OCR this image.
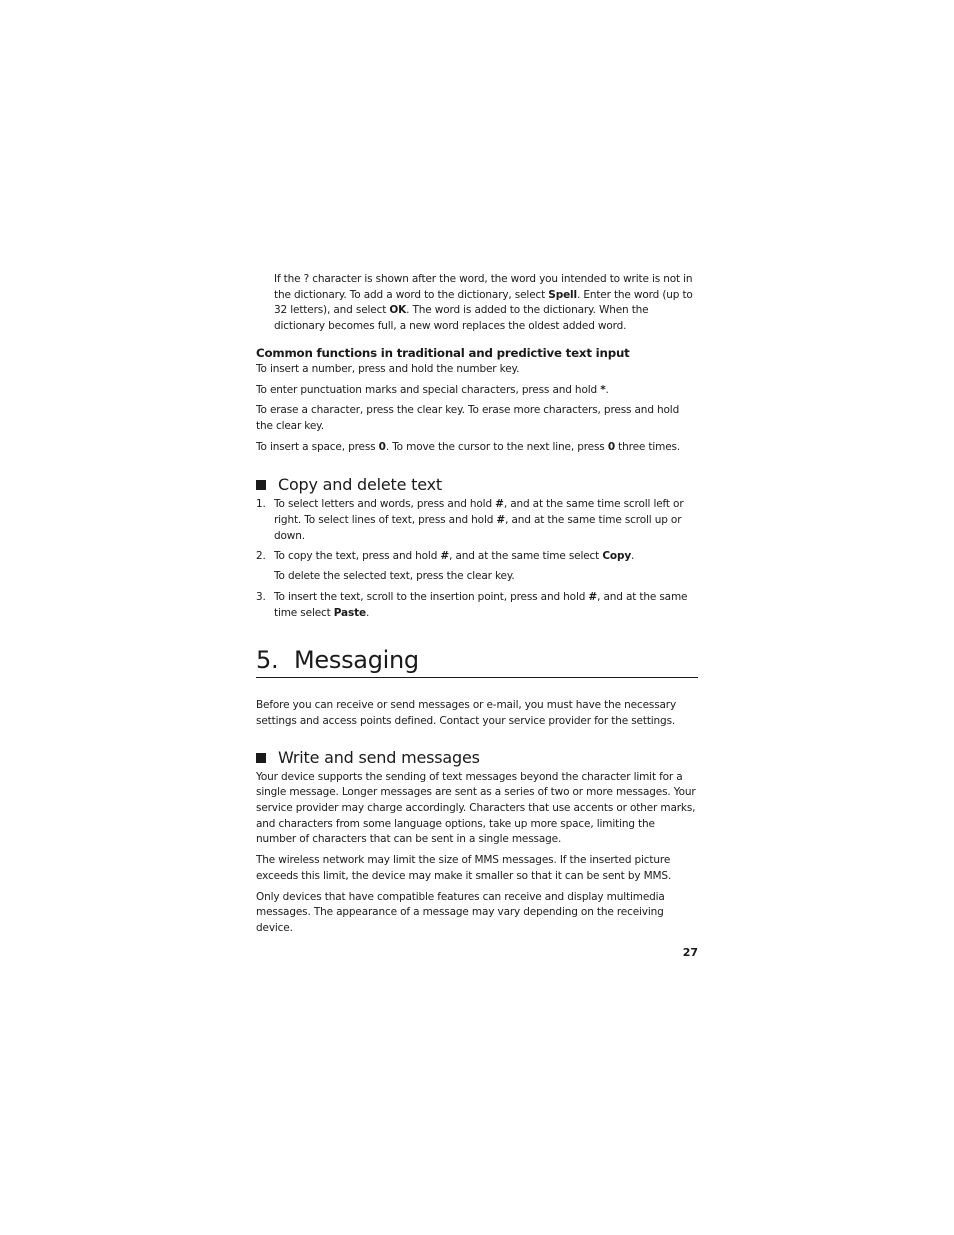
If the ? character is shown after the word, the word you intended to write is not in the dictionary. To add a word to the dictionary, select Spell. Enter the word (up to 32 letters), and select OK. The word is added to the dictionary. When the dictionary becomes full, a new word replaces the oldest added word.

Common functions in traditional and predictive text input

To insert a number, press and hold the number key.

To enter punctuation marks and special characters, press and hold *.

To erase a character, press the clear key. To erase more characters, press and hold the clear key.

To insert a space, press 0. To move the cursor to the next line, press 0 three times.

Copy and delete text
1. To select letters and words, press and hold #, and at the same time scroll left or right. To select lines of text, press and hold #, and at the same time scroll up or down.

2. To copy the text, press and hold #, and at the same time select Copy.

To delete the selected text, press the clear key.

3. To insert the text, scroll to the insertion point, press and hold #, and at the same time select Paste.

5. Messaging

Before you can receive or send messages or e-mail, you must have the necessary settings and access points defined. Contact your service provider for the settings.

Write and send messages

Your device supports the sending of text messages beyond the character limit for a single message. Longer messages are sent as a series of two or more messages. Your service provider may charge accordingly. Characters that use accents or other marks, and characters from some language options, take up more space, limiting the number of characters that can be sent in a single message.

The wireless network may limit the size of MMS messages. If the inserted picture exceeds this limit, the device may make it smaller so that it can be sent by MMS.

Only devices that have compatible features can receive and display multimedia messages. The appearance of a message may vary depending on the receiving device.

27
